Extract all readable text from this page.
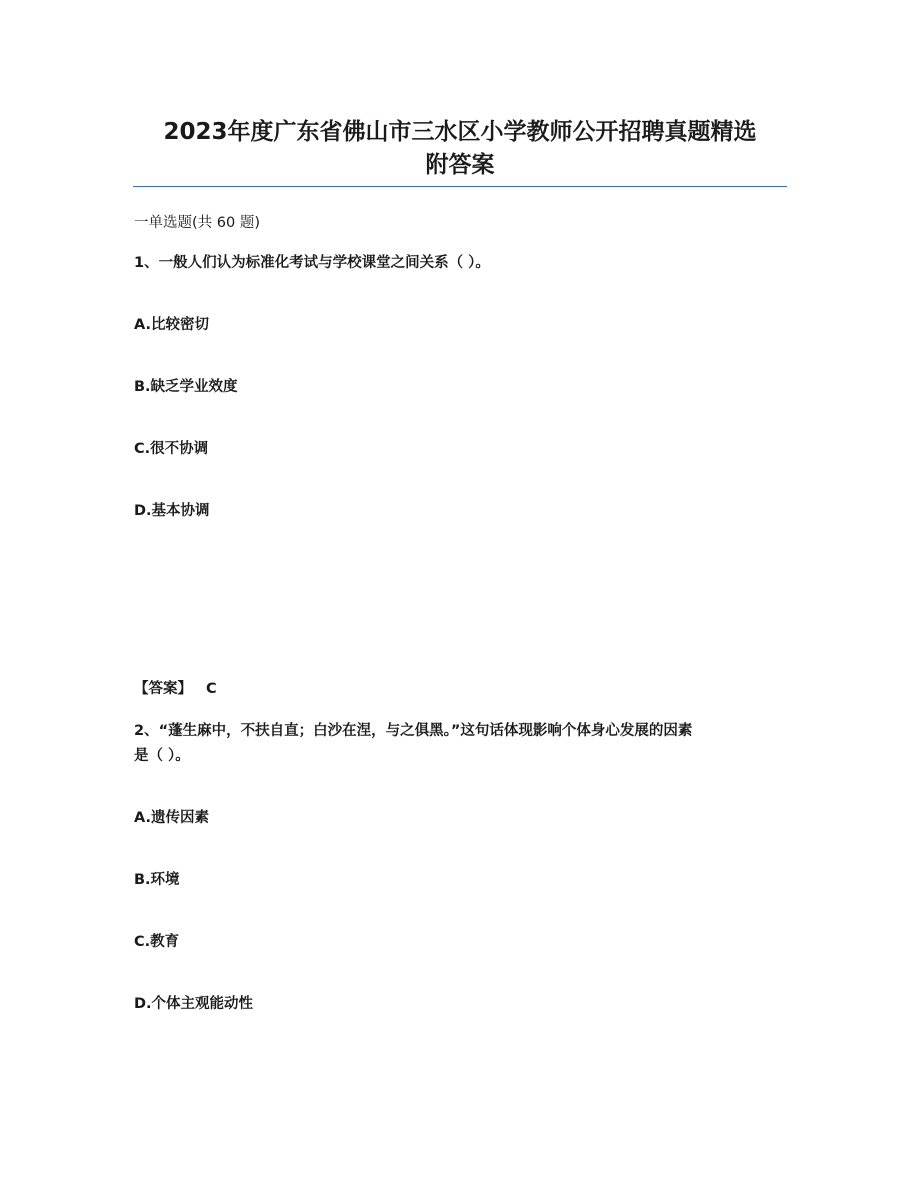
2023年度广东省佛山市三水区小学教师公开招聘真题精选
附答案
一单选题(共 60 题)
1、一般人们认为标准化考试与学校课堂之间关系（ ）。
A.比较密切
B.缺乏学业效度
C.很不协调
D.基本协调
【答案】 C
2、“蓬生麻中，不扶自直；白沙在涅，与之俱黑。”这句话体现影响个体身心发展的因素
是（ ）。
A.遗传因素
B.环境
C.教育
D.个体主观能动性
